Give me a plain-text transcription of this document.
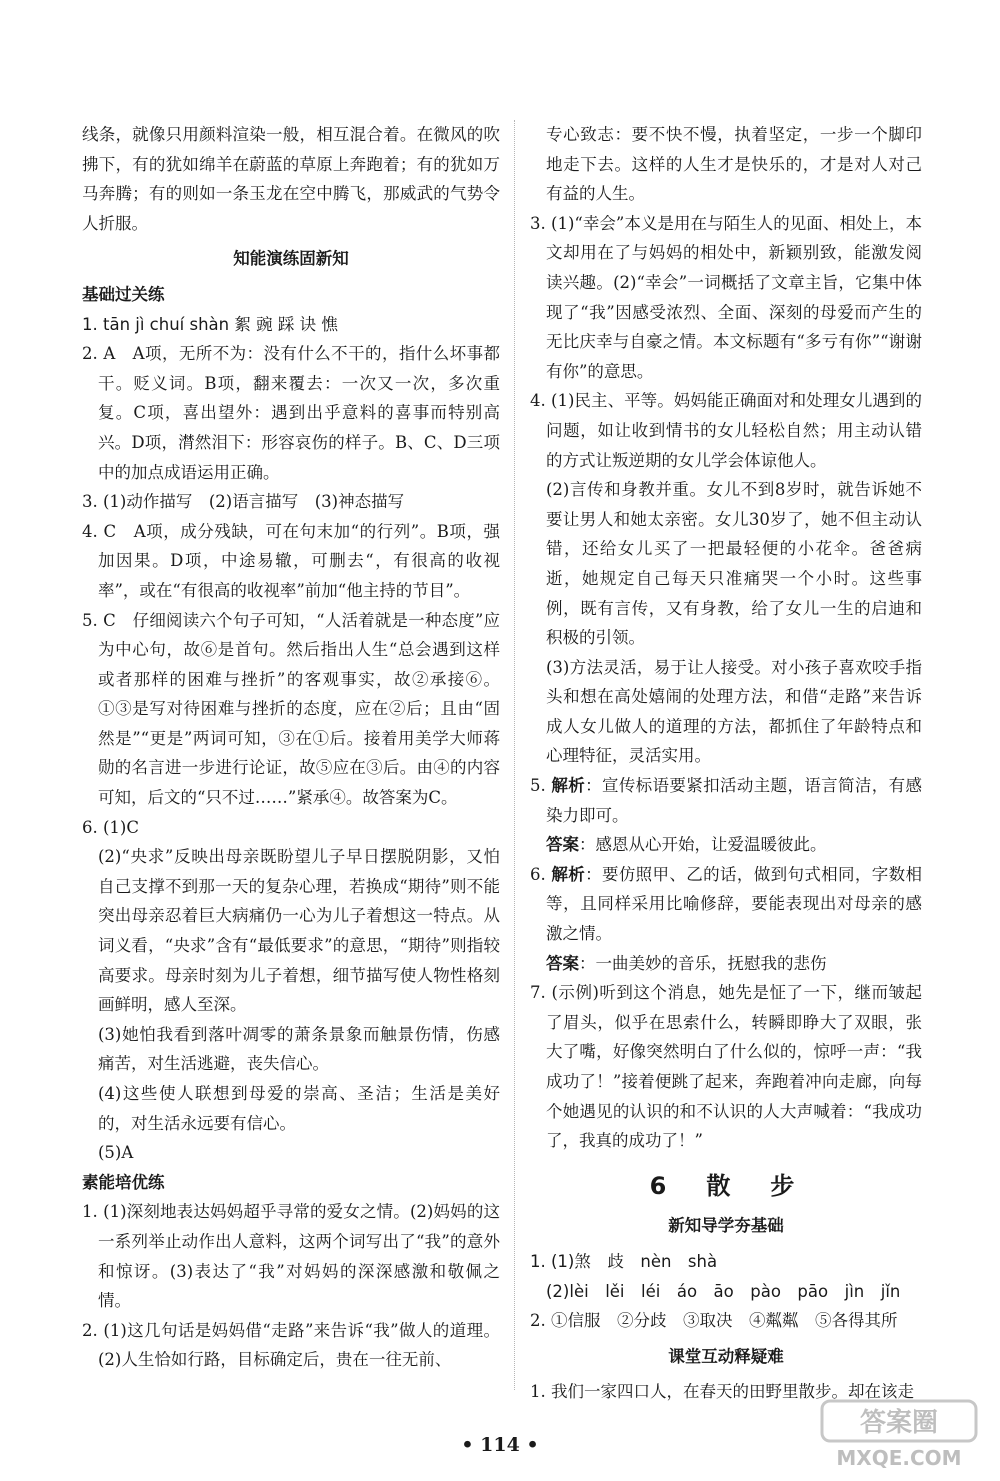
线条，就像只用颜料渲染一般，相互混合着。在微风的吹拂下，有的犹如绵羊在蔚蓝的草原上奔跑着；有的犹如万马奔腾；有的则如一条玉龙在空中腾飞，那威武的气势令人折服。

知能演练固新知
基础过关练

1. tān jì chuí shàn 絮 豌 踩 诀 憔

2. A　A项，无所不为：没有什么不干的，指什么坏事都干。贬义词。B项，翻来覆去：一次又一次，多次重复。C项，喜出望外：遇到出乎意料的喜事而特别高兴。D项，潸然泪下：形容哀伤的样子。B、C、D三项中的加点成语运用正确。

3. (1)动作描写　(2)语言描写　(3)神态描写

4. C　A项，成分残缺，可在句末加“的行列”。B项，强加因果。D项，中途易辙，可删去“，有很高的收视率”，或在“有很高的收视率”前加“他主持的节目”。

5. C　仔细阅读六个句子可知，“人活着就是一种态度”应为中心句，故⑥是首句。然后指出人生“总会遇到这样或者那样的困难与挫折”的客观事实，故②承接⑥。①③是写对待困难与挫折的态度，应在②后；且由“固然是”“更是”两词可知，③在①后。接着用美学大师蒋勋的名言进一步进行论证，故⑤应在③后。由④的内容可知，后文的“只不过……”紧承④。故答案为C。

6. (1)C

(2)“央求”反映出母亲既盼望儿子早日摆脱阴影，又怕自己支撑不到那一天的复杂心理，若换成“期待”则不能突出母亲忍着巨大病痛仍一心为儿子着想这一特点。从词义看，“央求”含有“最低要求”的意思，“期待”则指较高要求。母亲时刻为儿子着想，细节描写使人物性格刻画鲜明，感人至深。

(3)她怕我看到落叶凋零的萧条景象而触景伤情，伤感痛苦，对生活逃避，丧失信心。

(4)这些使人联想到母爱的崇高、圣洁；生活是美好的，对生活永远要有信心。

(5)A

素能培优练

1. (1)深刻地表达妈妈超乎寻常的爱女之情。(2)妈妈的这一系列举止动作出人意料，这两个词写出了“我”的意外和惊讶。(3)表达了“我”对妈妈的深深感激和敬佩之情。

2. (1)这几句话是妈妈借“走路”来告诉“我”做人的道理。(2)人生恰如行路，目标确定后，贵在一往无前、

专心致志：要不快不慢，执着坚定，一步一个脚印地走下去。这样的人生才是快乐的，才是对人对己有益的人生。

3. (1)“幸会”本义是用在与陌生人的见面、相处上，本文却用在了与妈妈的相处中，新颖别致，能激发阅读兴趣。(2)“幸会”一词概括了文章主旨，它集中体现了“我”因感受浓烈、全面、深刻的母爱而产生的无比庆幸与自豪之情。本文标题有“多亏有你”“谢谢有你”的意思。

4. (1)民主、平等。妈妈能正确面对和处理女儿遇到的问题，如让收到情书的女儿轻松自然；用主动认错的方式让叛逆期的女儿学会体谅他人。

(2)言传和身教并重。女儿不到8岁时，就告诉她不要让男人和她太亲密。女儿30岁了，她不但主动认错，还给女儿买了一把最轻便的小花伞。爸爸病逝，她规定自己每天只准痛哭一个小时。这些事例，既有言传，又有身教，给了女儿一生的启迪和积极的引领。

(3)方法灵活，易于让人接受。对小孩子喜欢咬手指头和想在高处嬉闹的处理方法，和借“走路”来告诉成人女儿做人的道理的方法，都抓住了年龄特点和心理特征，灵活实用。

5. 解析：宣传标语要紧扣活动主题，语言简洁，有感染力即可。

答案：感恩从心开始，让爱温暖彼此。

6. 解析：要仿照甲、乙的话，做到句式相同，字数相等，且同样采用比喻修辞，要能表现出对母亲的感激之情。

答案：一曲美妙的音乐，抚慰我的悲伤

7. (示例)听到这个消息，她先是怔了一下，继而皱起了眉头，似乎在思索什么，转瞬即睁大了双眼，张大了嘴，好像突然明白了什么似的，惊呼一声：“我成功了！”接着便跳了起来，奔跑着冲向走廊，向每个她遇见的认识的和不认识的人大声喊着：“我成功了，我真的成功了！”

6　散　步
新知导学夯基础

1. (1)煞　歧　nèn　shà

(2)lèi　lěi　léi　áo　āo　pào　pāo　jìn　jǐn

2. ①信服　②分歧　③取决　④粼粼　⑤各得其所

课堂互动释疑难

1. 我们一家四口人，在春天的田野里散步。却在该走

• 114 •
答案圈
MXQE.COM
